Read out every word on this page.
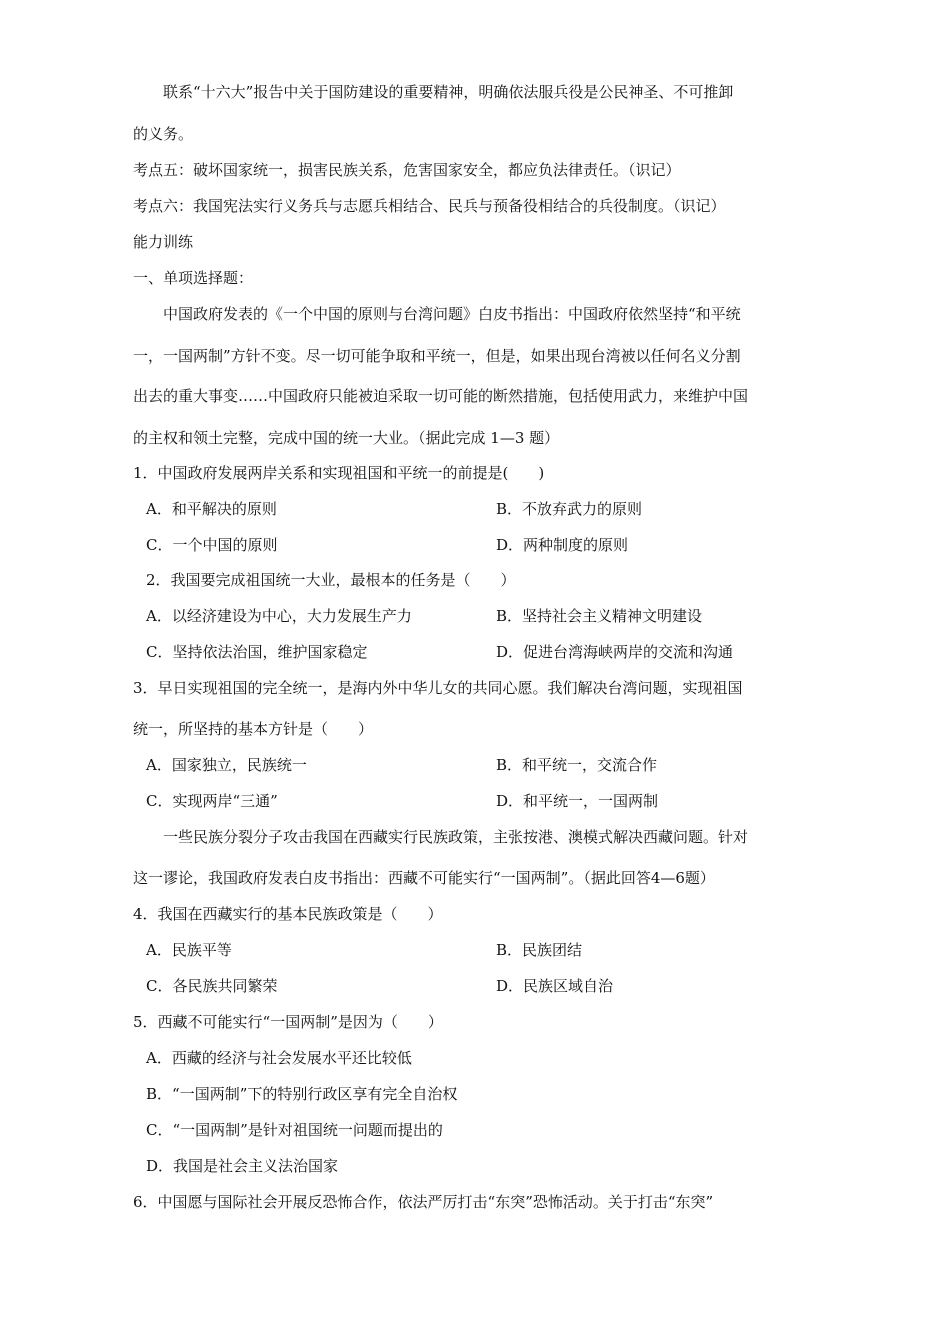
联系“十六大”报告中关于国防建设的重要精神，明确依法服兵役是公民神圣、不可推卸
的义务。
考点五：破坏国家统一，损害民族关系，危害国家安全，都应负法律责任。（识记）
考点六：我国宪法实行义务兵与志愿兵相结合、民兵与预备役相结合的兵役制度。（识记）
能力训练
一、单项选择题：
中国政府发表的《一个中国的原则与台湾问题》白皮书指出：中国政府依然坚持“和平统
一，一国两制”方针不变。尽一切可能争取和平统一，但是，如果出现台湾被以任何名义分割
出去的重大事变……中国政府只能被迫采取一切可能的断然措施，包括使用武力，来维护中国
的主权和领土完整，完成中国的统一大业。（据此完成 1—3 题）
1．中国政府发展两岸关系和实现祖国和平统一的前提是(　　)
A．和平解决的原则	B．不放弃武力的原则
C．一个中国的原则	D．两种制度的原则
2．我国要完成祖国统一大业，最根本的任务是（　　）
A．以经济建设为中心，大力发展生产力	B．坚持社会主义精神文明建设
C．坚持依法治国，维护国家稳定	D．促进台湾海峡两岸的交流和沟通
3．早日实现祖国的完全统一，是海内外中华儿女的共同心愿。我们解决台湾问题，实现祖国
统一，所坚持的基本方针是（　　）
A．国家独立，民族统一	B．和平统一，交流合作
C．实现两岸“三通”	D．和平统一，一国两制
一些民族分裂分子攻击我国在西藏实行民族政策，主张按港、澳模式解决西藏问题。针对
这一谬论，我国政府发表白皮书指出：西藏不可能实行“一国两制”。（据此回答4—6题）
4．我国在西藏实行的基本民族政策是（　　）
A．民族平等	B．民族团结
C．各民族共同繁荣	D．民族区域自治
5．西藏不可能实行“一国两制”是因为（　　）
A．西藏的经济与社会发展水平还比较低
B．“一国两制”下的特别行政区享有完全自治权
C．“一国两制”是针对祖国统一问题而提出的
D．我国是社会主义法治国家
6．中国愿与国际社会开展反恐怖合作，依法严厉打击“东突”恐怖活动。关于打击“东突”
